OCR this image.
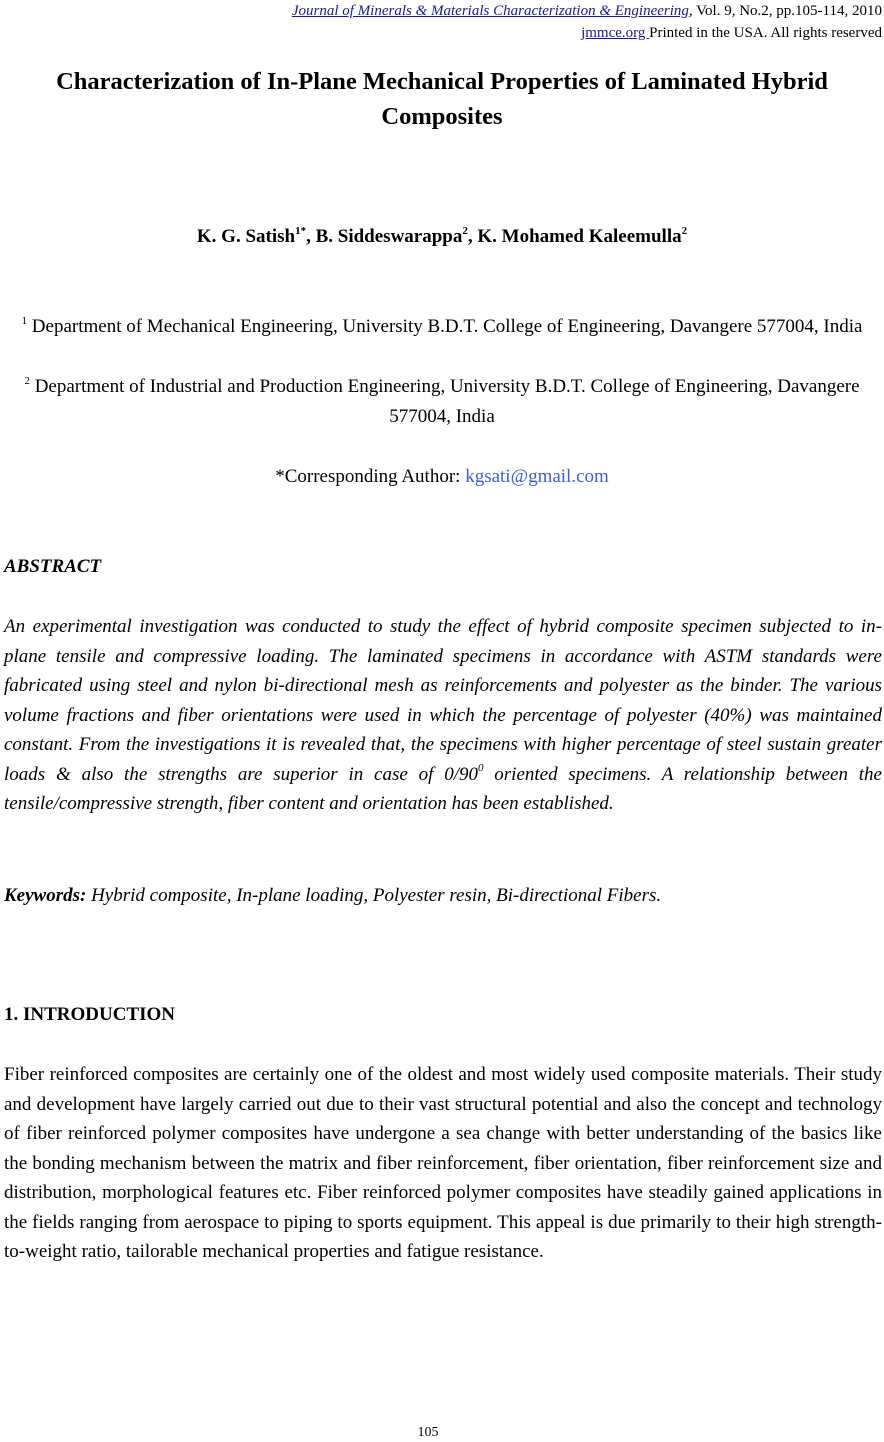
Journal of Minerals & Materials Characterization & Engineering, Vol. 9, No.2, pp.105-114, 2010
jmmce.org Printed in the USA. All rights reserved
Characterization of In-Plane Mechanical Properties of Laminated Hybrid Composites
K. G. Satish$^{1*}$, B. Siddeswarappa$^2$, K. Mohamed Kaleemulla$^2$
$^1$ Department of Mechanical Engineering, University B.D.T. College of Engineering, Davangere 577004, India
$^2$ Department of Industrial and Production Engineering, University B.D.T. College of Engineering, Davangere 577004, India
*Corresponding Author: kgsati@gmail.com
ABSTRACT
An experimental investigation was conducted to study the effect of hybrid composite specimen subjected to in-plane tensile and compressive loading. The laminated specimens in accordance with ASTM standards were fabricated using steel and nylon bi-directional mesh as reinforcements and polyester as the binder. The various volume fractions and fiber orientations were used in which the percentage of polyester (40%) was maintained constant. From the investigations it is revealed that, the specimens with higher percentage of steel sustain greater loads & also the strengths are superior in case of $0/90^0$ oriented specimens. A relationship between the tensile/compressive strength, fiber content and orientation has been established.
Keywords: Hybrid composite, In-plane loading, Polyester resin, Bi-directional Fibers.
1. INTRODUCTION
Fiber reinforced composites are certainly one of the oldest and most widely used composite materials. Their study and development have largely carried out due to their vast structural potential and also the concept and technology of fiber reinforced polymer composites have undergone a sea change with better understanding of the basics like the bonding mechanism between the matrix and fiber reinforcement, fiber orientation, fiber reinforcement size and distribution, morphological features etc. Fiber reinforced polymer composites have steadily gained applications in the fields ranging from aerospace to piping to sports equipment. This appeal is due primarily to their high strength-to-weight ratio, tailorable mechanical properties and fatigue resistance.
105
